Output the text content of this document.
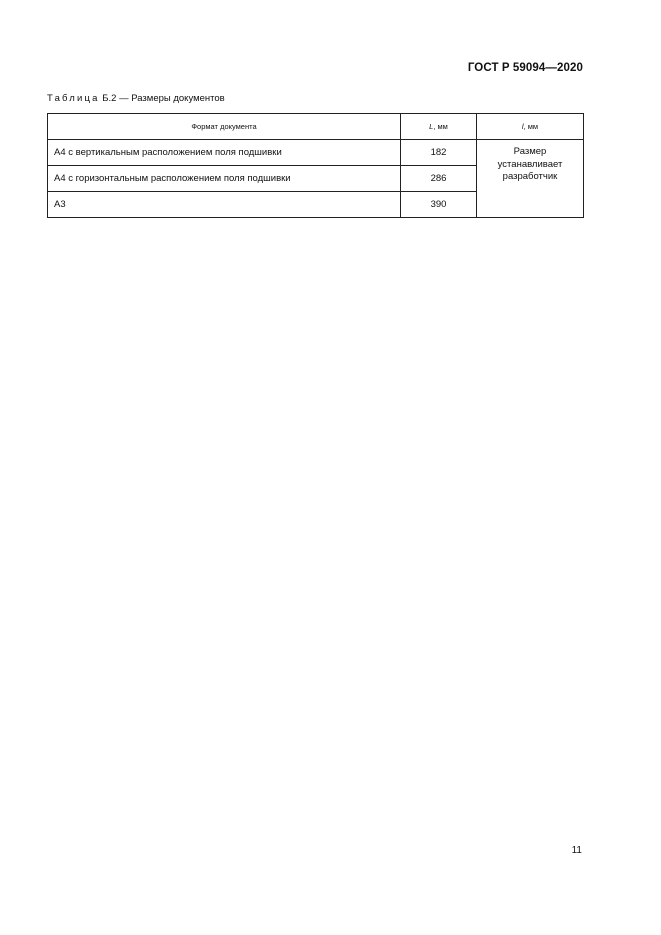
ГОСТ Р 59094—2020
Таблица Б.2 — Размеры документов
Формат документа	L, мм	l, мм
А4 с вертикальным расположением поля подшивки	182	Размер
устанавливает
разработчик

А4 с горизонтальным расположением поля подшивки	286	
А3	390	
11
